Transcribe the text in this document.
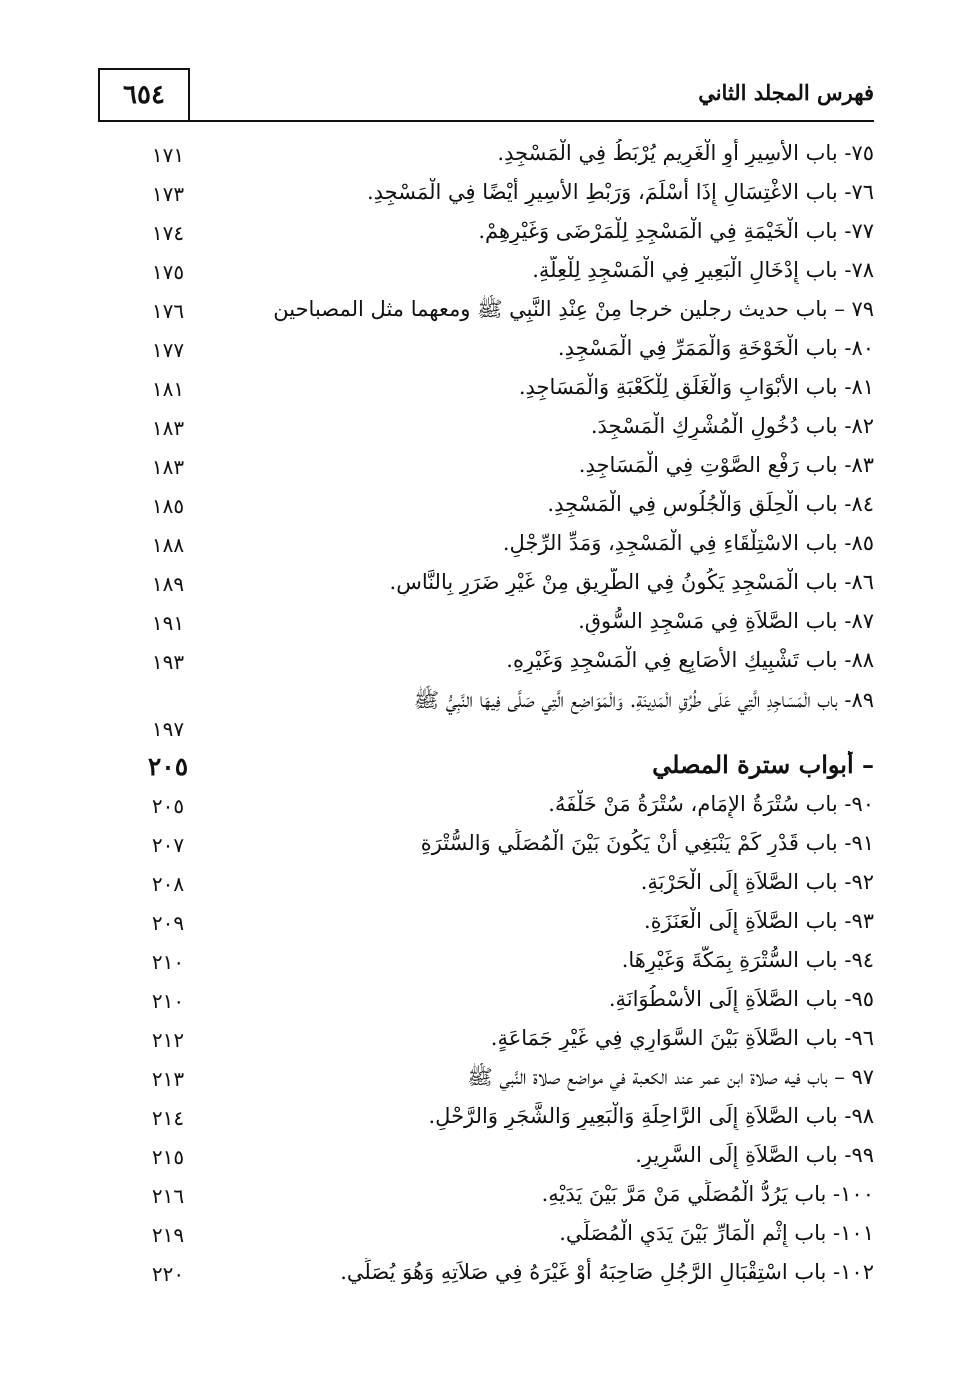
٦٥٤	فهرس المجلد الثاني
٧٥- باب الأَسِيرِ أَوِ الْغَرِيمِ يُرْبَطُ فِي الْمَسْجِدِ.
١٧١
٧٦- باب الاغْتِسَالِ إِذَا أَسْلَمَ، وَرَبْطِ الأَسِيرِ أَيْضًا فِي الْمَسْجِدِ.
١٧٣
٧٧- باب الْخَيْمَةِ فِي الْمَسْجِدِ لِلْمَرْضَى وَغَيْرِهِمْ.
١٧٤
٧٨- باب إِدْخَالِ الْبَعِيرِ فِي الْمَسْجِدِ لِلْعِلَّةِ.
١٧٥
٧٩ – باب حديث رجلين خرجا مِنْ عِنْدِ النَّبِي ﷺ ومعهما مثل المصباحين
١٧٦
٨٠- باب الْخَوْخَةِ وَالْمَمَرِّ فِي الْمَسْجِدِ.
١٧٧
٨١- باب الأَبْوَابِ وَالْغَلَقِ لِلْكَعْبَةِ وَالْمَسَاجِدِ.
١٨١
٨٢- باب دُخُولِ الْمُشْرِكِ الْمَسْجِدَ.
١٨٣
٨٣- باب رَفْعِ الصَّوْتِ فِي الْمَسَاجِدِ.
١٨٣
٨٤- باب الْحِلَقِ وَالْجُلُوسِ فِي الْمَسْجِدِ.
١٨٥
٨٥- باب الاسْتِلْقَاءِ فِي الْمَسْجِدِ، وَمَدِّ الرِّجْلِ.
١٨٨
٨٦- باب الْمَسْجِدِ يَكُونُ فِي الطَّرِيقِ مِنْ غَيْرِ ضَرَرٍ بِالنَّاسِ.
١٨٩
٨٧- باب الصَّلاَةِ فِي مَسْجِدِ السُّوقِ.
١٩١
٨٨- باب تَشْبِيكِ الأَصَابِعِ فِي الْمَسْجِدِ وَغَيْرِهِ.
١٩٣
٨٩- باب الْمَسَاجِدِ الَّتِي عَلَى طُرُقِ الْمَدِينَةِ. وَالْمَوَاضِعِ الَّتِي صَلَّى فِيهَا النَّبِيُّ ﷺ
١٩٧
– أبواب سترة المصلي
٢٠٥
٩٠- باب سُتْرَةُ الإِمَامِ، سُتْرَةُ مَنْ خَلْفَهُ.
٢٠٥
٩١- باب قَدْرِ كَمْ يَنْبَغِي أَنْ يَكُونَ بَيْنَ الْمُصَلِّي وَالسُّتْرَةِ
٢٠٧
٩٢- باب الصَّلاَةِ إِلَى الْحَرْبَةِ.
٢٠٨
٩٣- باب الصَّلاَةِ إِلَى الْعَنَزَةِ.
٢٠٩
٩٤- باب السُّتْرَةِ بِمَكَّةَ وَغَيْرِهَا.
٢١٠
٩٥- باب الصَّلاَةِ إِلَى الأُسْطُوَانَةِ.
٢١٠
٩٦- باب الصَّلاَةِ بَيْنَ السَّوَارِي فِي غَيْرِ جَمَاعَةٍ.
٢١٢
٩٧ – باب فيه صلاة ابن عمر عند الكعبة في مواضع صلاة النَّبي ﷺ
٢١٣
٩٨- باب الصَّلاَةِ إِلَى الرَّاحِلَةِ وَالْبَعِيرِ وَالشَّجَرِ وَالرَّحْلِ.
٢١٤
٩٩- باب الصَّلاَةِ إِلَى السَّرِيرِ.
٢١٥
١٠٠- باب يَرُدُّ الْمُصَلِّي مَنْ مَرَّ بَيْنَ يَدَيْهِ.
٢١٦
١٠١- باب إِثْمِ الْمَارِّ بَيْنَ يَدَيِ الْمُصَلِّي.
٢١٩
١٠٢- باب اسْتِقْبَالِ الرَّجُلِ صَاحِبَهُ أَوْ غَيْرَهُ فِي صَلاَتِهِ وَهُوَ يُصَلِّي.
٢٢٠
